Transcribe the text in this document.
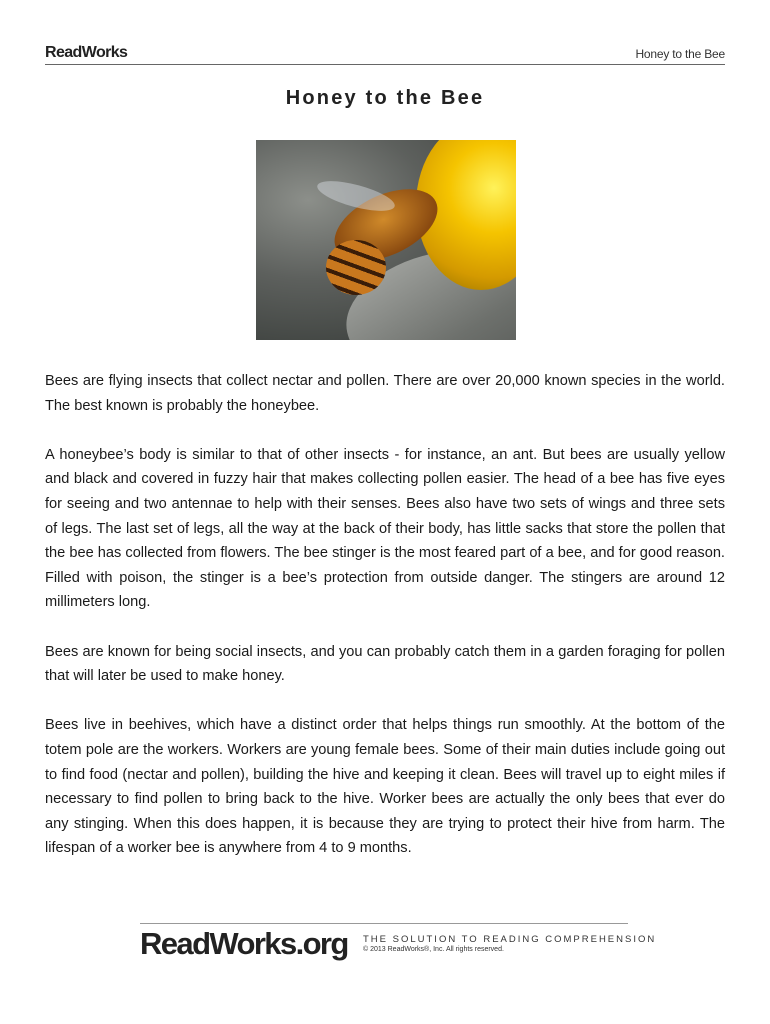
ReadWorks	Honey to the Bee
Honey to the Bee

Bees are flying insects that collect nectar and pollen. There are over 20,000 known species in the world. The best known is probably the honeybee.

A honeybee’s body is similar to that of other insects - for instance, an ant. But bees are usually yellow and black and covered in fuzzy hair that makes collecting pollen easier. The head of a bee has five eyes for seeing and two antennae to help with their senses. Bees also have two sets of wings and three sets of legs. The last set of legs, all the way at the back of their body, has little sacks that store the pollen that the bee has collected from flowers. The bee stinger is the most feared part of a bee, and for good reason. Filled with poison, the stinger is a bee’s protection from outside danger. The stingers are around 12 millimeters long.

Bees are known for being social insects, and you can probably catch them in a garden foraging for pollen that will later be used to make honey.

Bees live in beehives, which have a distinct order that helps things run smoothly. At the bottom of the totem pole are the workers. Workers are young female bees. Some of their main duties include going out to find food (nectar and pollen), building the hive and keeping it clean. Bees will travel up to eight miles if necessary to find pollen to bring back to the hive. Worker bees are actually the only bees that ever do any stinging. When this does happen, it is because they are trying to protect their hive from harm. The lifespan of a worker bee is anywhere from 4 to 9 months.

ReadWorks.org THE SOLUTION TO READING COMPREHENSION
© 2013 ReadWorks®, Inc. All rights reserved.
